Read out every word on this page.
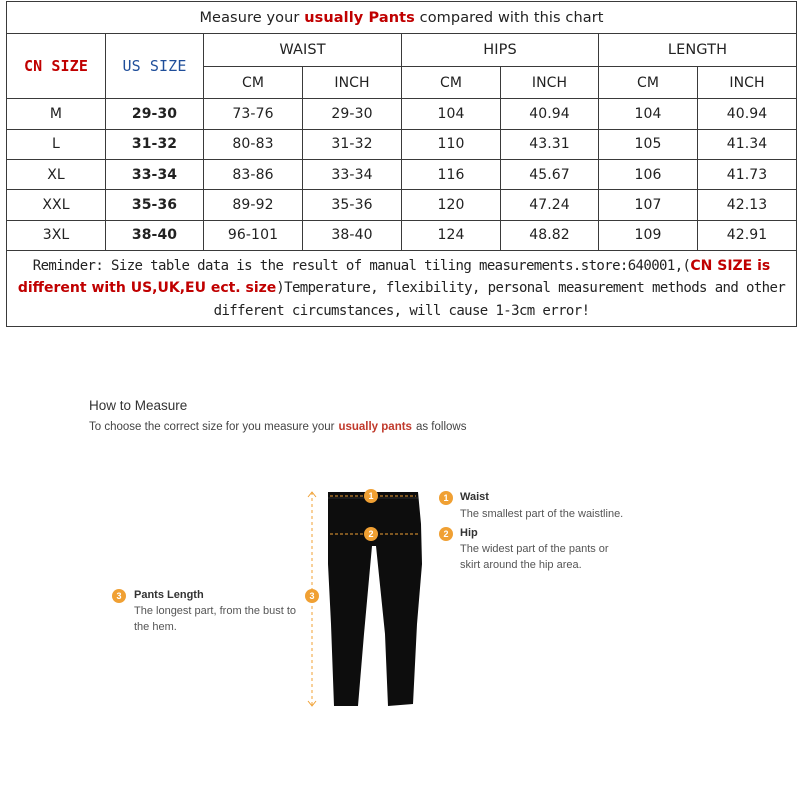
Measure your usually Pants compared with this chart							
CN SIZE	US SIZE	WAIST		HIPS		LENGTH	
		CM	INCH	CM	INCH	CM	INCH
M	29-30	73-76	29-30	104	40.94	104	40.94
L	31-32	80-83	31-32	110	43.31	105	41.34
XL	33-34	83-86	33-34	116	45.67	106	41.73
XXL	35-36	89-92	35-36	120	47.24	107	42.13
3XL	38-40	96-101	38-40	124	48.82	109	42.91
Reminder: Size table data is the result of manual tiling measurements.store:640001,(CN SIZE is different with US,UK,EU ect. size)Temperature, flexibility, personal measurement methods and other different circumstances, will cause 1-3cm error!							
How to Measure
To choose the correct size for you measure your usually pants as follows
1
2
3
1	Waist
The smallest part of the waistline.
2	Hip
The widest part of the pants or
skirt around the hip area.
3	Pants Length
The longest part, from the bust to
the hem.
